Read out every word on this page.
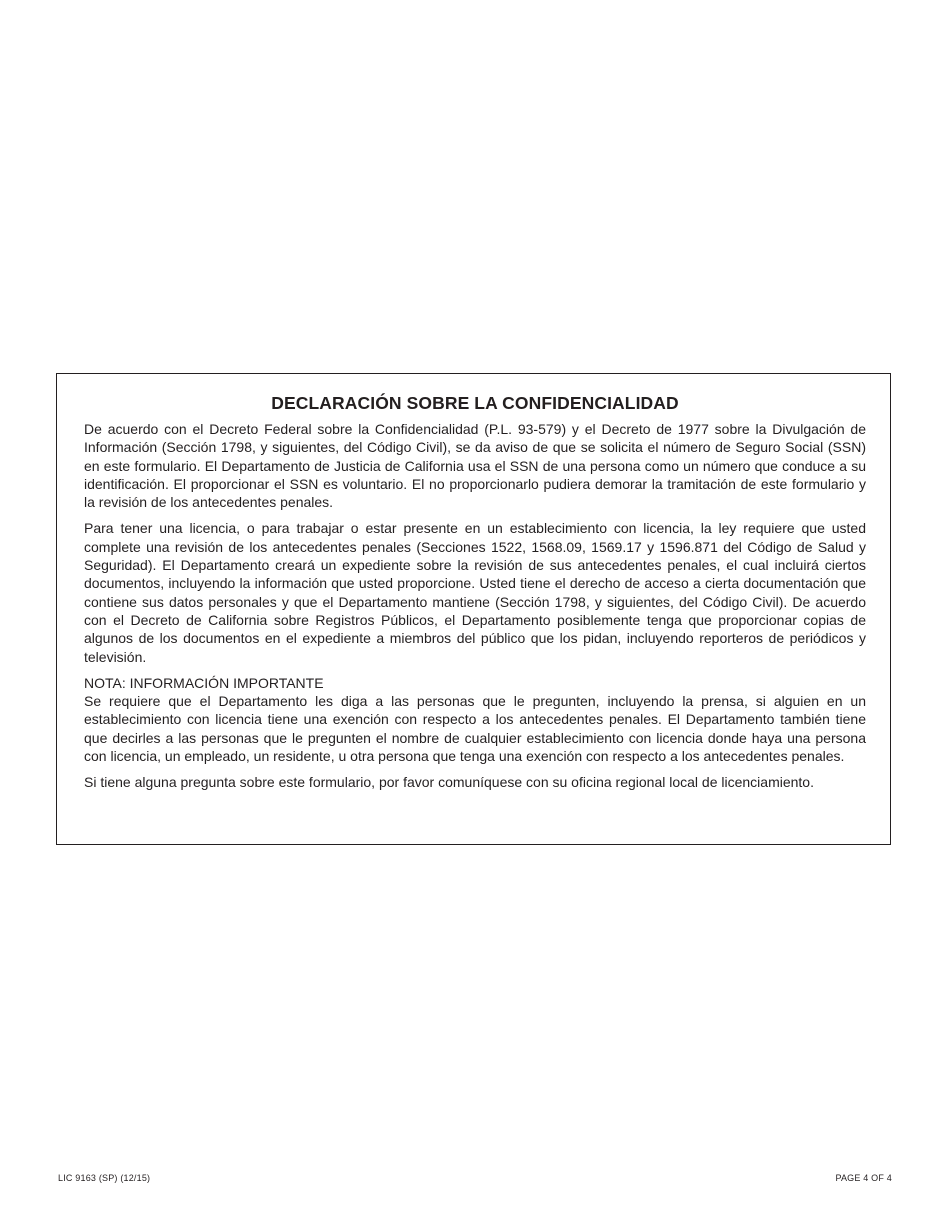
DECLARACIÓN SOBRE LA CONFIDENCIALIDAD

De acuerdo con el Decreto Federal sobre la Confidencialidad (P.L. 93-579) y el Decreto de 1977 sobre la Divulgación de Información (Sección 1798, y siguientes, del Código Civil), se da aviso de que se solicita el número de Seguro Social (SSN) en este formulario. El Departamento de Justicia de California usa el SSN de una persona como un número que conduce a su identificación. El proporcionar el SSN es voluntario. El no proporcionarlo pudiera demorar la tramitación de este formulario y la revisión de los antecedentes penales.

Para tener una licencia, o para trabajar o estar presente en un establecimiento con licencia, la ley requiere que usted complete una revisión de los antecedentes penales (Secciones 1522, 1568.09, 1569.17 y 1596.871 del Código de Salud y Seguridad). El Departamento creará un expediente sobre la revisión de sus antecedentes penales, el cual incluirá ciertos documentos, incluyendo la información que usted proporcione. Usted tiene el derecho de acceso a cierta documentación que contiene sus datos personales y que el Departamento mantiene (Sección 1798, y siguientes, del Código Civil). De acuerdo con el Decreto de California sobre Registros Públicos, el Departamento posiblemente tenga que proporcionar copias de algunos de los documentos en el expediente a miembros del público que los pidan, incluyendo reporteros de periódicos y televisión.

NOTA: INFORMACIÓN IMPORTANTE

Se requiere que el Departamento les diga a las personas que le pregunten, incluyendo la prensa, si alguien en un establecimiento con licencia tiene una exención con respecto a los antecedentes penales. El Departamento también tiene que decirles a las personas que le pregunten el nombre de cualquier establecimiento con licencia donde haya una persona con licencia, un empleado, un residente, u otra persona que tenga una exención con respecto a los antecedentes penales.

Si tiene alguna pregunta sobre este formulario, por favor comuníquese con su oficina regional local de licenciamiento.

LIC 9163 (SP) (12/15)	PAGE 4 OF 4
